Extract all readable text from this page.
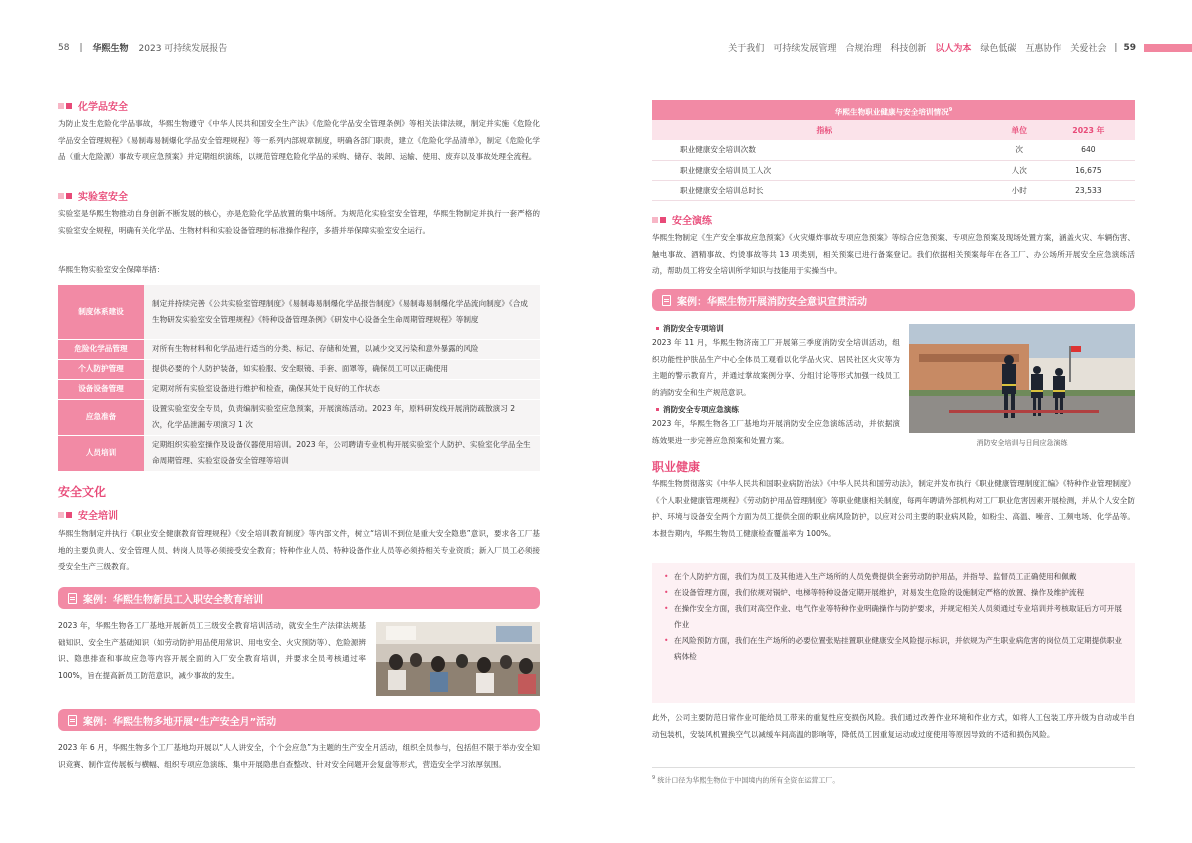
58 | 华熙生物 2023 可持续发展报告	关于我们 可持续发展管理 合规治理 科技创新 以人为本 绿色低碳 互惠协作 关爱社会 | 59
化学品安全
为防止发生危险化学品事故，华熙生物遵守《中华人民共和国安全生产法》《危险化学品安全管理条例》等相关法律法规，制定并实施《危险化学品安全管理规程》《易制毒易制爆化学品安全管理规程》等一系列内部规章制度，明确各部门职责，建立《危险化学品清单》，制定《危险化学品（重大危险源）事故专项应急预案》并定期组织演练，以规范管理危险化学品的采购、储存、装卸、运输、使用、废弃以及事故处理全流程。
实验室安全
实验室是华熙生物推动自身创新不断发展的核心，亦是危险化学品放置的集中场所。为规范化实验室安全管理，华熙生物制定并执行一套严格的实验室安全规程，明确有关化学品、生物材料和实验设备管理的标准操作程序，多措并举保障实验室安全运行。
华熙生物实验室安全保障举措：
制度体系建设	制定并持续完善《公共实验室管理制度》《易制毒易制爆化学品报告制度》《易制毒易制爆化学品流向制度》《合成生物研发实验室安全管理规程》《特种设备管理条例》《研发中心设备全生命周期管理规程》等制度
危险化学品管理	对所有生物材料和化学品进行适当的分类、标记、存储和处置，以减少交叉污染和意外暴露的风险
个人防护管理	提供必要的个人防护装备，如实验服、安全眼镜、手套、面罩等，确保员工可以正确使用
设备设备管理	定期对所有实验室设备进行维护和检查，确保其处于良好的工作状态
应急准备	设置实验室安全专员，负责编制实验室应急预案，开展演练活动。2023 年，原料研发线开展消防疏散演习 2 次，化学品泄漏专项演习 1 次
人员培训	定期组织实验室操作及设备仪器使用培训。2023 年，公司聘请专业机构开展实验室个人防护、实验室化学品全生命周期管理、实验室设备安全管理等培训
安全文化
安全培训
华熙生物制定并执行《职业安全健康教育管理规程》《安全培训教育制度》等内部文件，树立“培训不到位是重大安全隐患”意识，要求各工厂基地的主要负责人、安全管理人员、转岗人员等必须接受安全教育；特种作业人员、特种设备作业人员等必须持相关专业资质；新入厂员工必须接受安全生产三级教育。
案例：华熙生物新员工入职安全教育培训
2023 年，华熙生物各工厂基地开展新员工三级安全教育培训活动，就安全生产法律法规基础知识、安全生产基础知识（如劳动防护用品使用常识、用电安全、火灾预防等）、危险源辨识、隐患排查和事故应急等内容开展全面的入厂安全教育培训，并要求全员考核通过率 100%，旨在提高新员工防范意识，减少事故的发生。
案例：华熙生物多地开展“生产安全月”活动
2023 年 6 月，华熙生物多个工厂基地均开展以“人人讲安全，个个会应急”为主题的生产安全月活动，组织全员参与，包括但不限于举办安全知识竞赛、制作宣传展板与横幅、组织专项应急演练、集中开展隐患自查整改、针对安全问题开会复盘等形式，营造安全学习浓厚氛围。
华熙生物职业健康与安全培训情况$^9$
指标	单位	2023 年
职业健康安全培训次数	次	640
职业健康安全培训员工人次	人次	16,675
职业健康安全培训总时长	小时	23,533
安全演练
华熙生物制定《生产安全事故应急预案》《火灾爆炸事故专项应急预案》等综合应急预案、专项应急预案及现场处置方案，涵盖火灾、车辆伤害、触电事故、酒精事故、灼烫事故等共 13 项类别，相关预案已进行备案登记。我们依据相关预案每年在各工厂、办公场所开展安全应急演练活动，帮助员工将安全培训所学知识与技能用于实操当中。
案例：华熙生物开展消防安全意识宣贯活动
消防安全专项培训
2023 年 11 月，华熙生物济南工厂开展第三季度消防安全培训活动，组织功能性护肤品生产中心全体员工观看以化学品火灾、居民社区火灾等为主题的警示教育片，并通过掌故案例分享、分组讨论等形式加强一线员工的消防安全和生产规范意识。
消防安全专项应急演练
2023 年，华熙生物各工厂基地均开展消防安全应急演练活动，并依据演练效果进一步完善应急预案和处置方案。	消防安全培训与日间应急演练
职业健康
华熙生物贯彻落实《中华人民共和国职业病防治法》《中华人民共和国劳动法》，制定并发布执行《职业健康管理制度汇编》《特种作业管理制度》《个人职业健康管理规程》《劳动防护用品管理制度》等职业健康相关制度，每两年聘请外部机构对工厂职业危害因素开展检测，并从个人安全防护、环境与设备安全两个方面为员工提供全面的职业病风险防护，以应对公司主要的职业病风险，如粉尘、高温、噪音、工频电场、化学品等。本报告期内，华熙生物员工健康检查覆盖率为 100%。
• 在个人防护方面，我们为员工及其他进入生产场所的人员免费提供全套劳动防护用品，并指导、监督员工正确使用和佩戴
• 在设备管理方面，我们依规对锅炉、电梯等特种设备定期开展维护，对易发生危险的设施制定严格的放置、操作及维护流程
• 在操作安全方面，我们对高空作业、电气作业等特种作业明确操作与防护要求，并规定相关人员须通过专业培训并考核取证后方可开展作业
• 在风险预防方面，我们在生产场所的必要位置张贴挂置职业健康安全风险提示标识，并依规为产生职业病危害的岗位员工定期提供职业病体检
此外，公司主要防范日常作业可能给员工带来的重复性应变损伤风险。我们通过改善作业环境和作业方式，如将人工包装工序升级为自动或半自动包装机，安装风机置换空气以减缓车间高温的影响等，降低员工因重复运动或过度使用等原因导致的不适和损伤风险。
$^9$ 统计口径为华熙生物位于中国境内的所有全资在运营工厂。
